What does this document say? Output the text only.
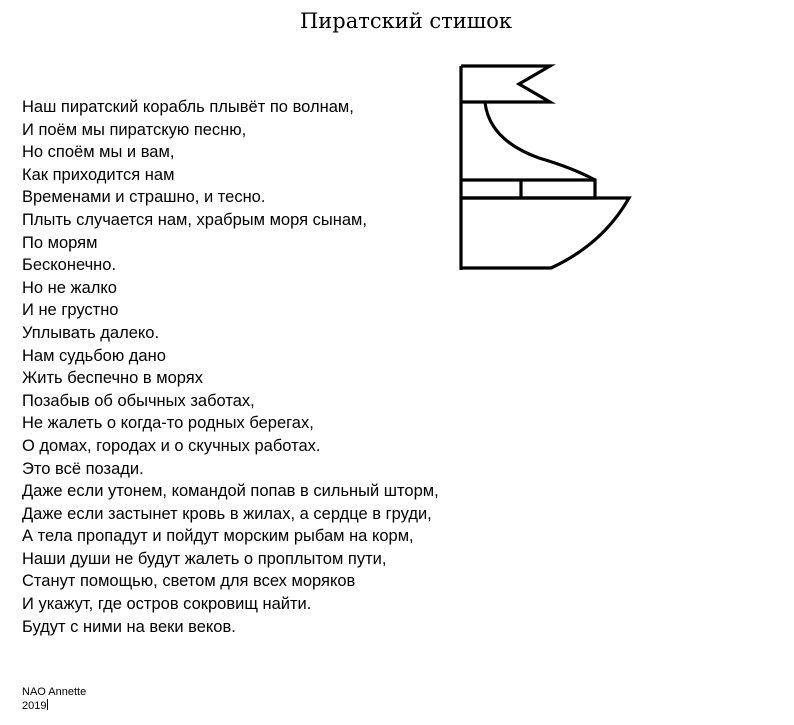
Пиратский стишок
Наш пиратский корабль плывёт по волнам,
И поём мы пиратскую песню,
Но споём мы и вам,
Как приходится нам
Временами и страшно, и тесно.
Плыть случается нам, храбрым моря сынам,
По морям
Бесконечно.
Но не жалко
И не грустно
Уплывать далеко.
Нам судьбою дано
Жить беспечно в морях
Позабыв об обычных заботах,
Не жалеть о когда-то родных берегах,
О домах, городах и о скучных работах.
Это всё позади.
Даже если утонем, командой попав в сильный шторм,
Даже если застынет кровь в жилах, а сердце в груди,
А тела пропадут и пойдут морским рыбам на корм,
Наши души не будут жалеть о проплытом пути,
Станут помощью, светом для всех моряков
И укажут, где остров сокровищ найти.
Будут с ними на веки веков.
NAO Annette
2019
